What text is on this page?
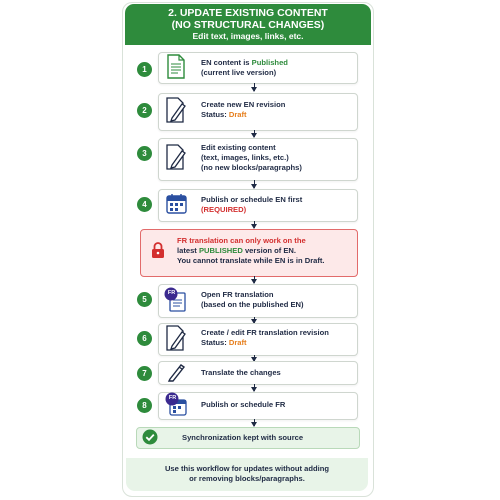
2. UPDATE EXISTING CONTENT
(NO STRUCTURAL CHANGES)
Edit text, images, links, etc.
1
EN content is Published
(current live version)
2
Create new EN revision
Status: Draft
3
Edit existing content
(text, images, links, etc.)
(no new blocks/paragraphs)
4
Publish or schedule EN first
(REQUIRED)
FR translation can only work on the
latest PUBLISHED version of EN.
You cannot translate while EN is in Draft.
5
FR	Open FR translation
(based on the published EN)
6
Create / edit FR translation revision
Status: Draft
7	Translate the changes
8
FR
Publish or schedule FR
Synchronization kept with source
Use this workflow for updates without adding
or removing blocks/paragraphs.
